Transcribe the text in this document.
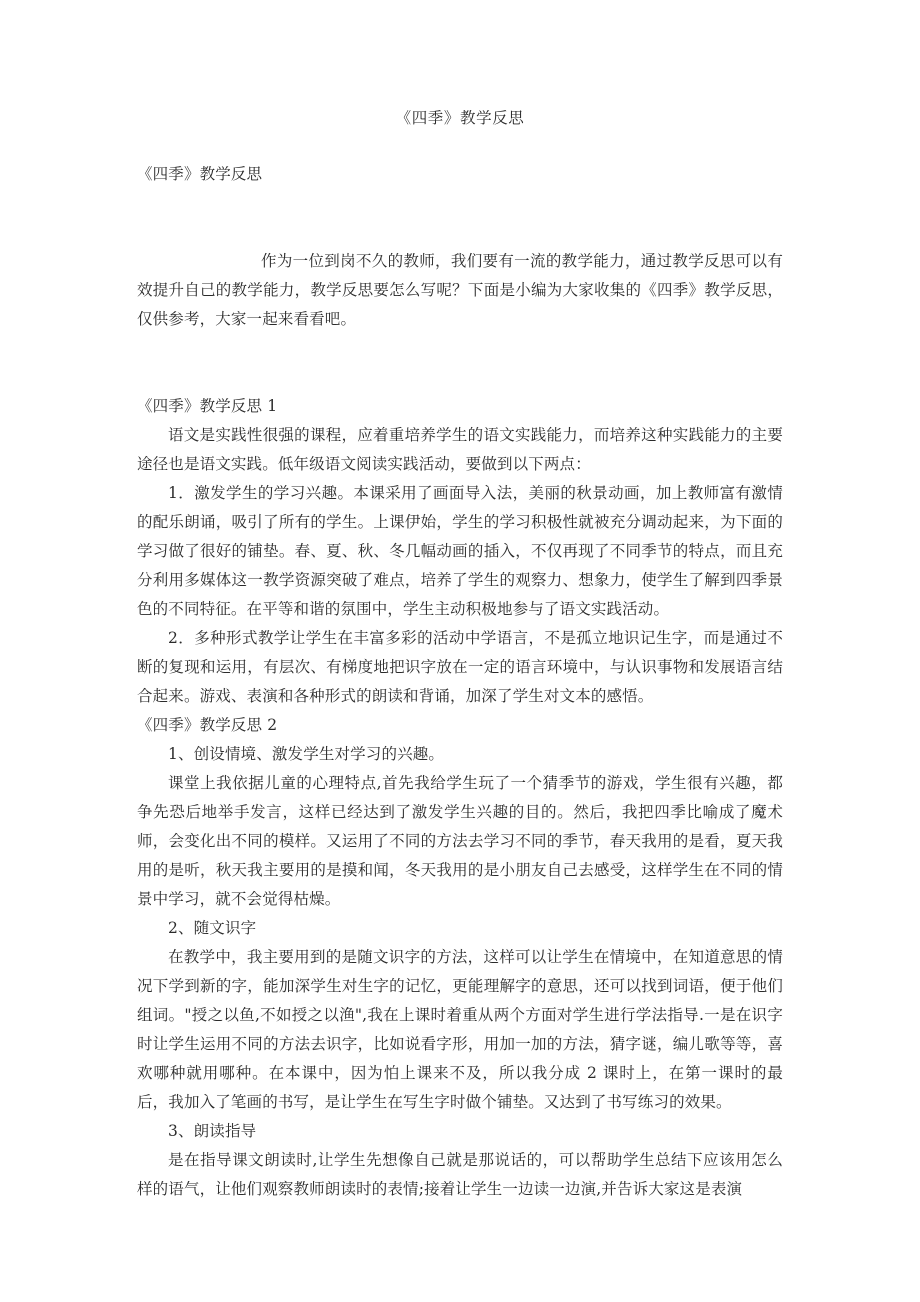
《四季》教学反思

《四季》教学反思

作为一位到岗不久的教师，我们要有一流的教学能力，通过教学反思可以有效提升自己的教学能力，教学反思要怎么写呢？下面是小编为大家收集的《四季》教学反思，仅供参考，大家一起来看看吧。

《四季》教学反思 1

语文是实践性很强的课程，应着重培养学生的语文实践能力，而培养这种实践能力的主要途径也是语文实践。低年级语文阅读实践活动，要做到以下两点：

1．激发学生的学习兴趣。本课采用了画面导入法，美丽的秋景动画，加上教师富有激情的配乐朗诵，吸引了所有的学生。上课伊始，学生的学习积极性就被充分调动起来，为下面的学习做了很好的铺垫。春、夏、秋、冬几幅动画的插入，不仅再现了不同季节的特点，而且充分利用多媒体这一教学资源突破了难点，培养了学生的观察力、想象力，使学生了解到四季景色的不同特征。在平等和谐的氛围中，学生主动积极地参与了语文实践活动。

2．多种形式教学让学生在丰富多彩的活动中学语言，不是孤立地识记生字，而是通过不断的复现和运用，有层次、有梯度地把识字放在一定的语言环境中，与认识事物和发展语言结合起来。游戏、表演和各种形式的朗读和背诵，加深了学生对文本的感悟。

《四季》教学反思 2

1、创设情境、激发学生对学习的兴趣。

课堂上我依据儿童的心理特点,首先我给学生玩了一个猜季节的游戏，学生很有兴趣，都争先恐后地举手发言，这样已经达到了激发学生兴趣的目的。然后，我把四季比喻成了魔术师，会变化出不同的模样。又运用了不同的方法去学习不同的季节，春天我用的是看，夏天我用的是听，秋天我主要用的是摸和闻，冬天我用的是小朋友自己去感受，这样学生在不同的情景中学习，就不会觉得枯燥。

2、随文识字

在教学中，我主要用到的是随文识字的方法，这样可以让学生在情境中，在知道意思的情况下学到新的字，能加深学生对生字的记忆，更能理解字的意思，还可以找到词语，便于他们组词。"授之以鱼,不如授之以渔",我在上课时着重从两个方面对学生进行学法指导.一是在识字时让学生运用不同的方法去识字，比如说看字形，用加一加的方法，猜字谜，编儿歌等等，喜欢哪种就用哪种。在本课中，因为怕上课来不及，所以我分成 2 课时上，在第一课时的最后，我加入了笔画的书写，是让学生在写生字时做个铺垫。又达到了书写练习的效果。

3、朗读指导

是在指导课文朗读时,让学生先想像自己就是那说话的，可以帮助学生总结下应该用怎么样的语气，让他们观察教师朗读时的表情;接着让学生一边读一边演,并告诉大家这是表演
